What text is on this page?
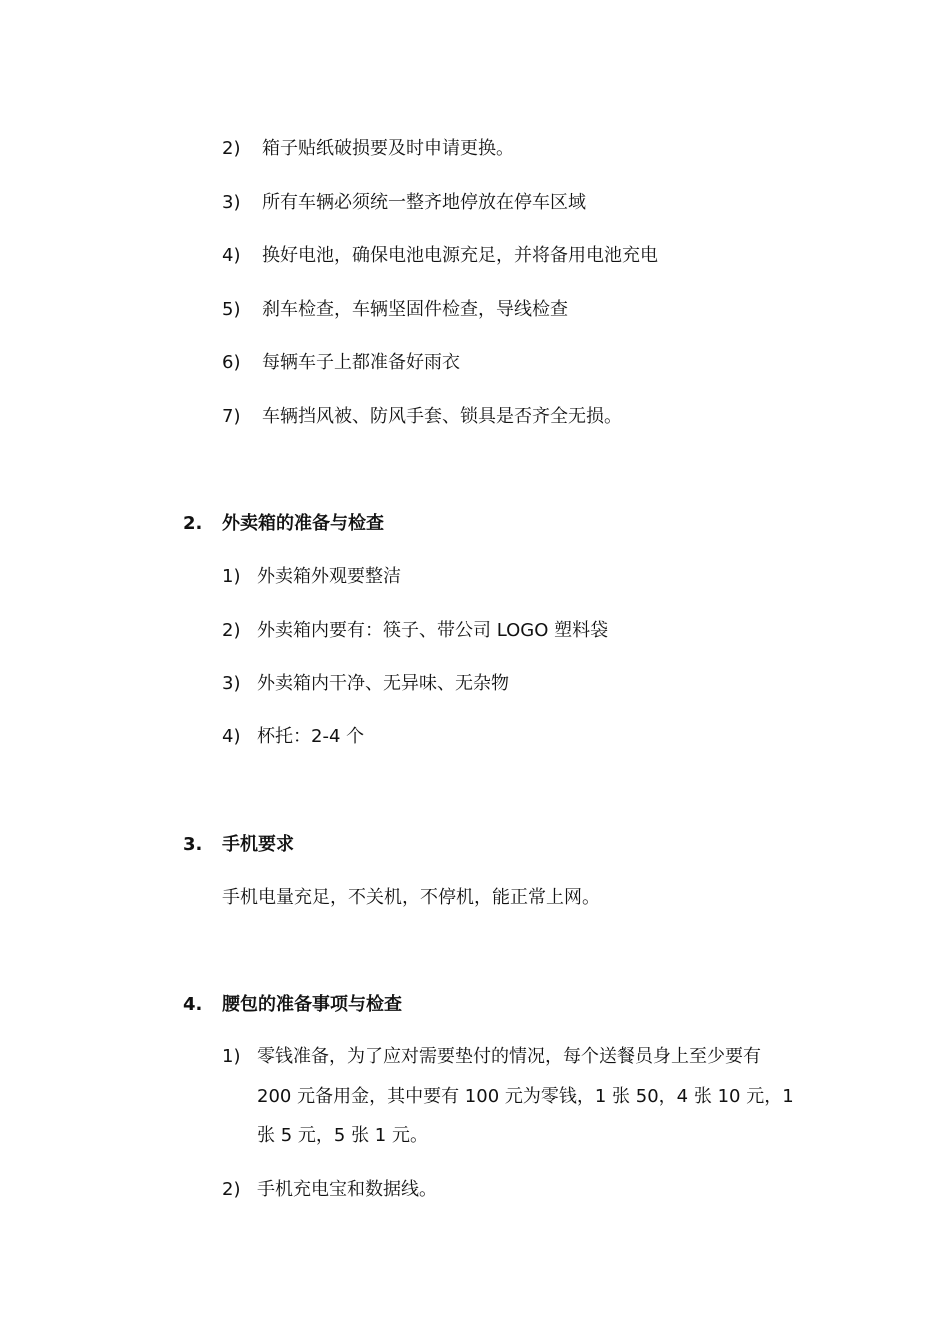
2) 箱子贴纸破损要及时申请更换。
3) 所有车辆必须统一整齐地停放在停车区域
4) 换好电池，确保电池电源充足，并将备用电池充电
5) 刹车检查，车辆坚固件检查，导线检查
6) 每辆车子上都准备好雨衣
7) 车辆挡风被、防风手套、锁具是否齐全无损。
2. 外卖箱的准备与检查
1) 外卖箱外观要整洁
2) 外卖箱内要有：筷子、带公司 LOGO 塑料袋
3) 外卖箱内干净、无异味、无杂物
4) 杯托：2-4 个
3. 手机要求
手机电量充足，不关机，不停机，能正常上网。
4. 腰包的准备事项与检查
1) 零钱准备，为了应对需要垫付的情况，每个送餐员身上至少要有
200 元备用金，其中要有 100 元为零钱，1 张 50，4 张 10 元，1
张 5 元，5 张 1 元。
2) 手机充电宝和数据线。
